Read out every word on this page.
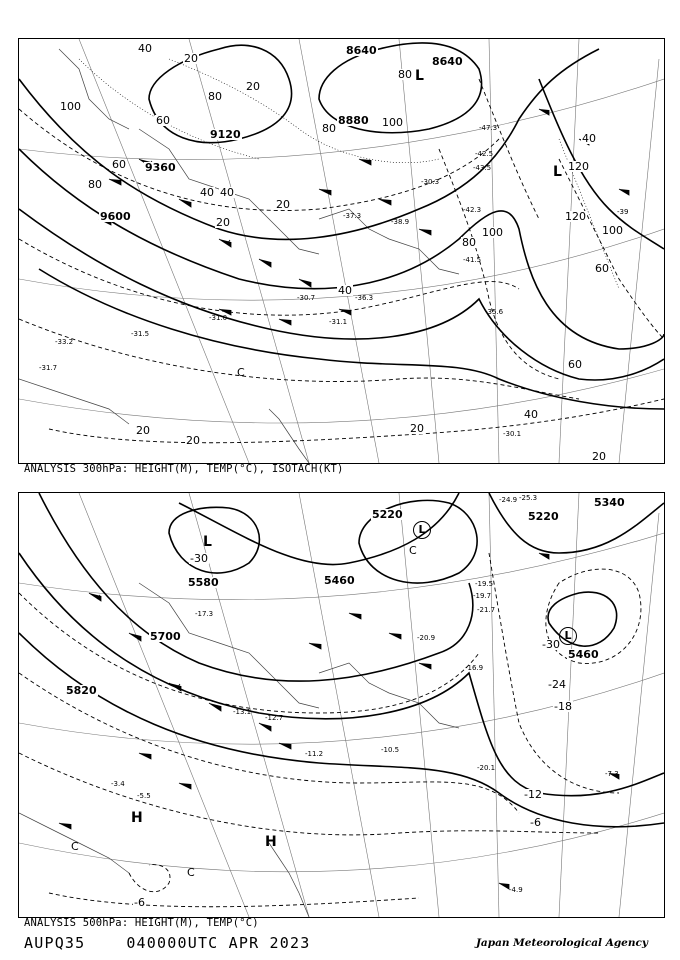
9600
9360
9120
8880
8640
8640
100
80
60
40
20
20
20
20
40
60
80
80
100
120
100
80
60
60
40
20
20
40
40
20
100
120
40
20
80 L
L
C
-33.2
-31.1
-31.7
-36.3
-30.7
-31.0
-31.5
-30.1
-39
-42.5
-43.5
-47.3
-42.3
-41.5
-30.3
-35.6
-38.9
-37.3
ANALYSIS 300hPa: HEIGHT(M), TEMP(°C), ISOTACH(KT)
5820
5700
5580	5460
5220
5340
5220
5460
-30
-24
-18
-12
-6
-6
-30
L
L
L
H
H
C
C
C
-10.5
-20.9
-21.7
-19.7
-19.5
-16.9
-20.1
-7.3
-4.9
-5.5
-3.4
-11.2
-12.7
-13.1
-17.3
-24.9 -25.3
ANALYSIS 500hPa: HEIGHT(M), TEMP(°C)
AUPQ35	040000UTC APR 2023	Japan Meteorological Agency
